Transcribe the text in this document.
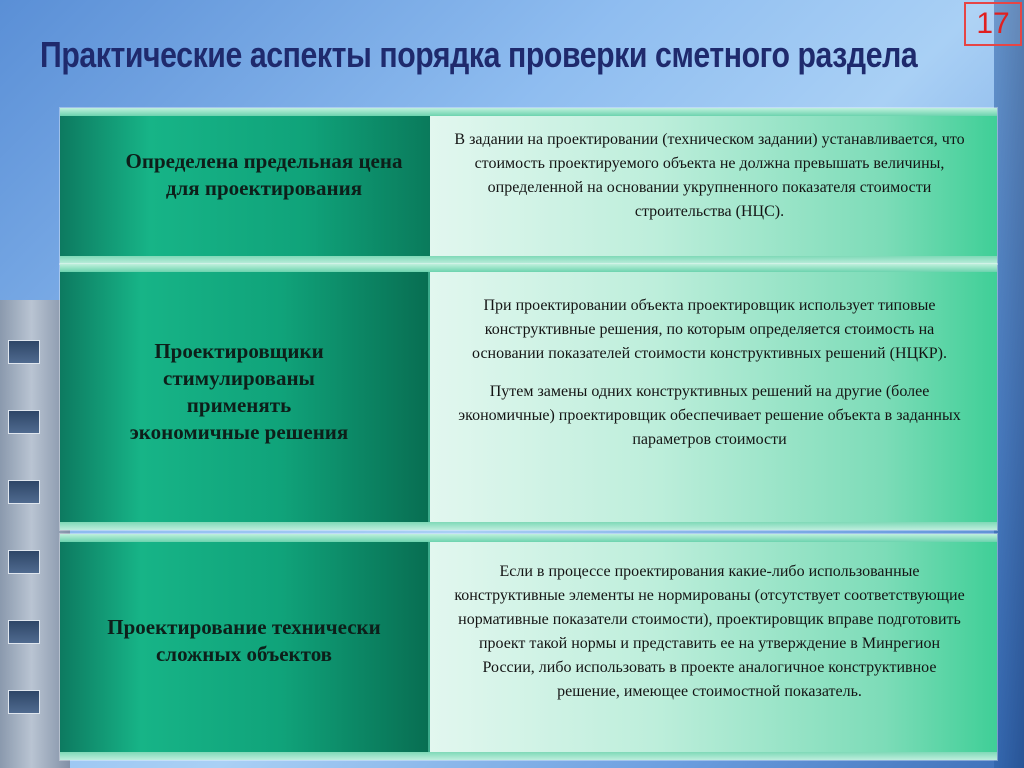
Практические аспекты порядка проверки сметного раздела
17
Определена предельная цена для проектирования

В задании на проектировании (техническом задании) устанавливается, что стоимость проектируемого объекта не должна превышать величины, определенной на основании укрупненного показателя стоимости строительства (НЦС).

Проектировщики стимулированы применять экономичные решения

При проектировании объекта проектировщик использует типовые конструктивные решения, по которым определяется стоимость на основании показателей стоимости конструктивных решений (НЦКР).

Путем замены одних конструктивных решений на другие (более экономичные) проектировщик обеспечивает решение объекта в заданных параметров стоимости

Проектирование технически сложных объектов

Если в процессе проектирования какие-либо использованные конструктивные элементы не нормированы (отсутствует соответствующие нормативные показатели стоимости), проектировщик вправе подготовить проект такой нормы и представить ее на утверждение в Минрегион России, либо использовать в проекте аналогичное конструктивное решение, имеющее стоимостной показатель.
